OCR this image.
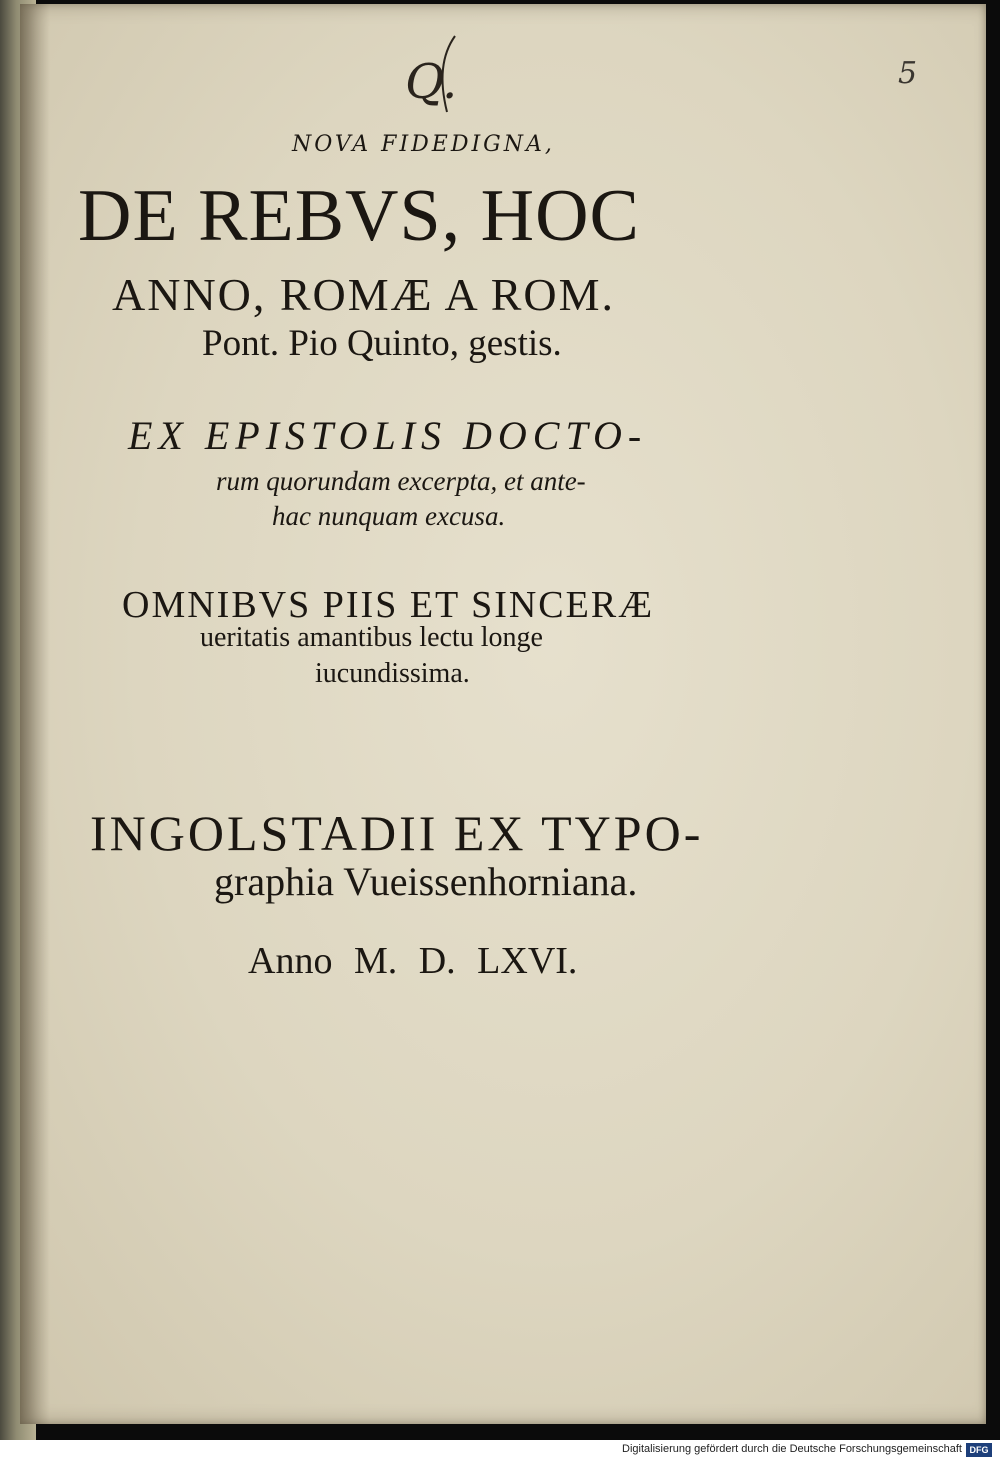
Q.	5
NOVA FIDEDIGNA,
DE REBVS, HOC
ANNO, ROMÆ A ROM.
Pont. Pio Quinto, gestis.
EX EPISTOLIS DOCTO-
rum quorundam excerpta, et ante-
hac nunquam excusa.
OMNIBVS PIIS ET SINCERÆ
ueritatis amantibus lectu longe
iucundissima.
INGOLSTADII EX TYPO-
graphia Vueissenhorniana.
Anno M. D. LXVI.
Digitalisierung gefördert durch die Deutsche Forschungsgemeinschaft DFG
